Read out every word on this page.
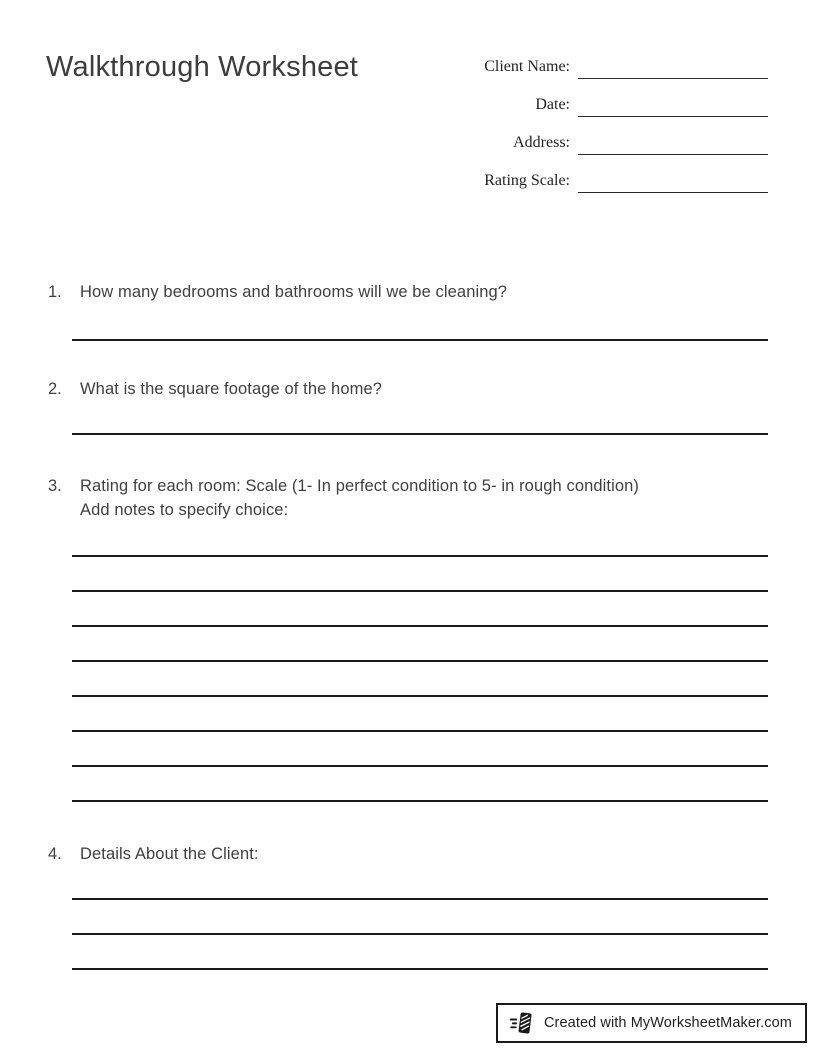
Walkthrough Worksheet	Client Name:
Date:
Address:
Rating Scale:
1.	How many bedrooms and bathrooms will we be cleaning?
2.	What is the square footage of the home?
3.	Rating for each room: Scale (1- In perfect condition to 5- in rough condition)
Add notes to specify choice:
4.	Details About the Client:
Created with MyWorksheetMaker.com
